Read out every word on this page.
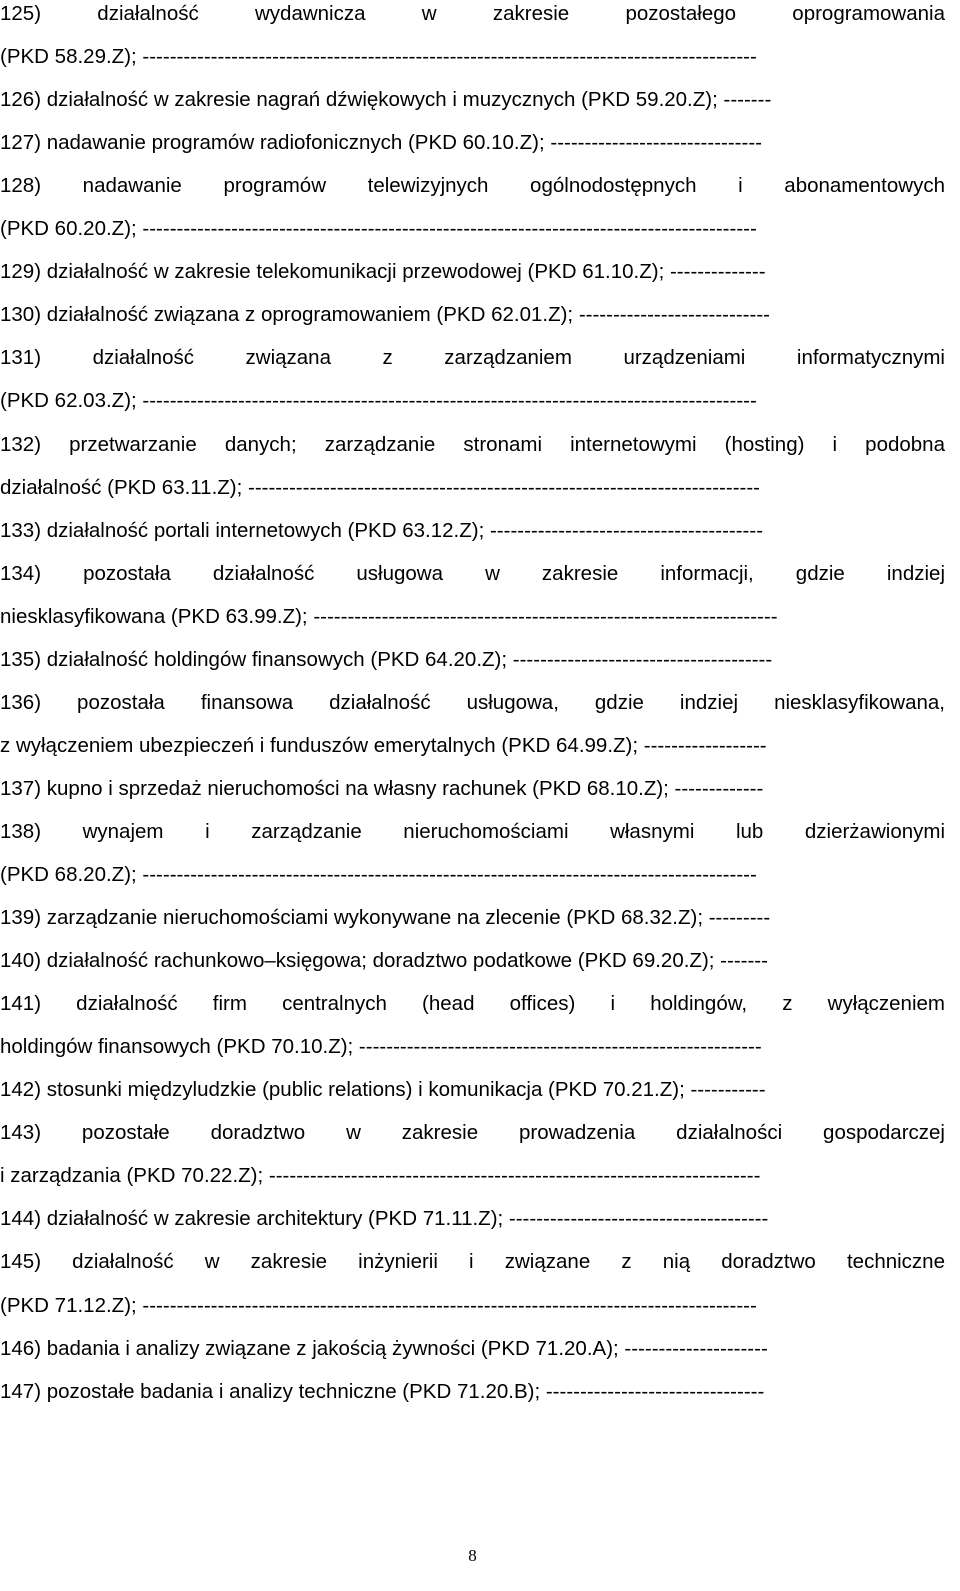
125) działalność wydawnicza w zakresie pozostałego oprogramowania
(PKD 58.29.Z); ------------------------------------------------------------------------------------------
126) działalność w zakresie nagrań dźwiękowych i muzycznych (PKD 59.20.Z); -------
127) nadawanie programów radiofonicznych (PKD 60.10.Z); -------------------------------
128) nadawanie programów telewizyjnych ogólnodostępnych i abonamentowych
(PKD 60.20.Z); ------------------------------------------------------------------------------------------
129) działalność w zakresie telekomunikacji przewodowej (PKD 61.10.Z); --------------
130) działalność związana z oprogramowaniem (PKD 62.01.Z); ----------------------------
131) działalność związana z zarządzaniem urządzeniami informatycznymi
(PKD 62.03.Z); ------------------------------------------------------------------------------------------
132) przetwarzanie danych; zarządzanie stronami internetowymi (hosting) i podobna
działalność (PKD 63.11.Z); ---------------------------------------------------------------------------
133) działalność portali internetowych (PKD 63.12.Z); ----------------------------------------
134) pozostała działalność usługowa w zakresie informacji, gdzie indziej
niesklasyfikowana (PKD 63.99.Z); --------------------------------------------------------------------
135) działalność holdingów finansowych (PKD 64.20.Z); --------------------------------------
136) pozostała finansowa działalność usługowa, gdzie indziej niesklasyfikowana,
z wyłączeniem ubezpieczeń i funduszów emerytalnych (PKD 64.99.Z); ------------------
137) kupno i sprzedaż nieruchomości na własny rachunek (PKD 68.10.Z); -------------
138) wynajem i zarządzanie nieruchomościami własnymi lub dzierżawionymi
(PKD 68.20.Z); ------------------------------------------------------------------------------------------
139) zarządzanie nieruchomościami wykonywane na zlecenie (PKD 68.32.Z); ---------
140) działalność rachunkowo–księgowa; doradztwo podatkowe (PKD 69.20.Z); -------
141) działalność firm centralnych (head offices) i holdingów, z wyłączeniem
holdingów finansowych (PKD 70.10.Z); -----------------------------------------------------------
142) stosunki międzyludzkie (public relations) i komunikacja (PKD 70.21.Z); -----------
143) pozostałe doradztwo w zakresie prowadzenia działalności gospodarczej
i zarządzania (PKD 70.22.Z); ------------------------------------------------------------------------
144) działalność w zakresie architektury (PKD 71.11.Z); --------------------------------------
145) działalność w zakresie inżynierii i związane z nią doradztwo techniczne
(PKD 71.12.Z); ------------------------------------------------------------------------------------------
146) badania i analizy związane z jakością żywności (PKD 71.20.A); ---------------------
147) pozostałe badania i analizy techniczne (PKD 71.20.B); --------------------------------
8
